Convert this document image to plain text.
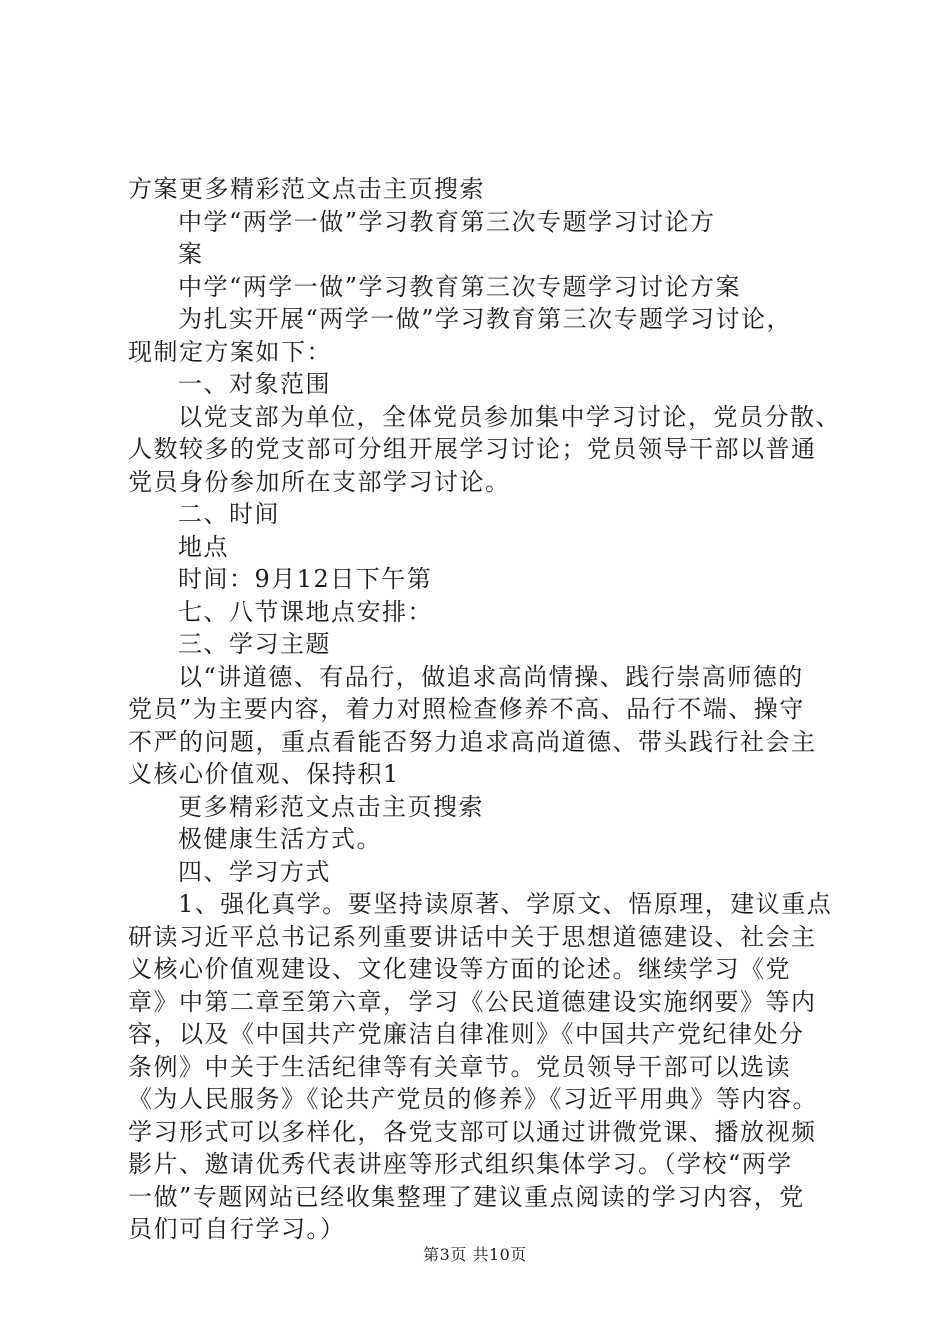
方案更多精彩范文点击主页搜索
中学“两学一做”学习教育第三次专题学习讨论方
案
中学“两学一做”学习教育第三次专题学习讨论方案
为扎实开展“两学一做”学习教育第三次专题学习讨论，
现制定方案如下：
一、对象范围
以党支部为单位，全体党员参加集中学习讨论，党员分散、
人数较多的党支部可分组开展学习讨论；党员领导干部以普通
党员身份参加所在支部学习讨论。
二、时间
地点
时间：9月12日下午第
七、八节课地点安排：
三、学习主题
以“讲道德、有品行，做追求高尚情操、践行崇高师德的
党员”为主要内容，着力对照检查修养不高、品行不端、操守
不严的问题，重点看能否努力追求高尚道德、带头践行社会主
义核心价值观、保持积1
更多精彩范文点击主页搜索
极健康生活方式。
四、学习方式
1、强化真学。要坚持读原著、学原文、悟原理，建议重点
研读习近平总书记系列重要讲话中关于思想道德建设、社会主
义核心价值观建设、文化建设等方面的论述。继续学习《党
章》中第二章至第六章，学习《公民道德建设实施纲要》等内
容，以及《中国共产党廉洁自律准则》《中国共产党纪律处分
条例》中关于生活纪律等有关章节。党员领导干部可以选读
《为人民服务》《论共产党员的修养》《习近平用典》等内容。
学习形式可以多样化，各党支部可以通过讲微党课、播放视频
影片、邀请优秀代表讲座等形式组织集体学习。（学校“两学
一做”专题网站已经收集整理了建议重点阅读的学习内容，党
员们可自行学习。）
第3页 共10页
